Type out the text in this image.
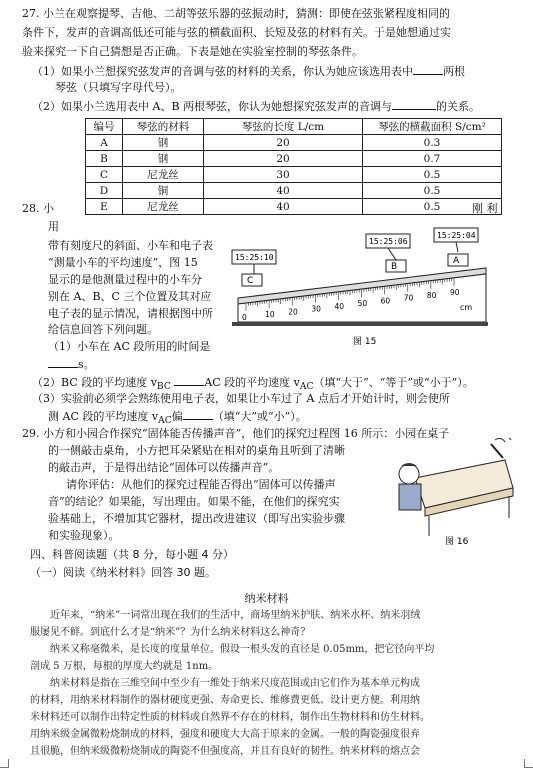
27. 小兰在观察提琴、吉他、二胡等弦乐器的弦振动时，猜测：即使在弦张紧程度相同的
条件下，发声的音调高低还可能与弦的横截面积、长短及弦的材料有关。于是她想通过实
验来探究一下自己猜想是否正确。下表是她在实验室控制的琴弦条件。
（1）如果小兰想探究弦发声的音调与弦的材料的关系，你认为她应该选用表中	两根
琴弦（只填写字母代号）。
（2）如果小兰选用表中 A、B 两根琴弦，你认为她想探究弦发声的音调与	的关系。
编号	琴弦的材料	琴弦的长度 L/cm	琴弦的横截面积 S/cm²
A	钢	20	0.3
B	钢	20	0.7
C	尼龙丝	30	0.5
D	铜	40	0.5
E	尼龙丝	40	0.5
28. 小	刚 利
用
带有刻度尺的斜面、小车和电子表
“测量小车的平均速度”，图 15
显示的是他测量过程中的小车分
别在 A、B、C 三个位置及其对应
电子表的显示情况，请根据图中所
给信息回答下列问题。
（1）小车在 AC 段所用的时间是
s。
（2）BC 段的平均速度 $v_{BC}$	AC 段的平均速度 $v_{AC}$（填“大于”、“等于”或“小于”）。
（3）实验前必须学会熟练使用电子表，如果让小车过了 A 点后才开始计时，则会使所
测 AC 段的平均速度 $v_{AC}$偏	（填“大”或“小”）。
15:25:10
15:25:06
15:25:04
0 10 20 30 40 50 60 70 80 90
cm
C
B
A
图 15
29. 小方和小园合作探究“固体能否传播声音”，他们的探究过程图 16 所示：小园在桌子
的一侧敲击桌角，小方把耳朵紧贴在相对的桌角且听到了清晰
的敲击声，于是得出结论“固体可以传播声音”。
请你评估：从他们的探究过程能否得出“固体可以传播声
音”的结论？如果能，写出理由。如果不能，在他们的探究实
验基础上，不增加其它器材，提出改进建议（即写出实验步骤
和实验现象）。	图 16
四、科普阅读题（共 8 分，每小题 4 分）
（一）阅读《纳米材料》回答 30 题。
纳米材料
近年来，“纳米”一词常出现在我们的生活中，商场里纳米护肤、纳米水杯、纳米羽绒
服屡见不鲜。到底什么才是“纳米”？为什么纳米材料这么神奇？
纳米又称毫微米，是长度的度量单位。假设一根头发的直径是 0.05mm，把它径向平均
剖成 5 万根，每根的厚度大约就是 1nm。
纳米材料是指在三维空间中至少有一维处于纳米尺度范围或由它们作为基本单元构成
的材料，用纳米材料制作的器材硬度更强、寿命更长、维修费更低、设计更方便。利用纳
米材料还可以制作出特定性质的材料或自然界不存在的材料，制作出生物材料和仿生材料。
用纳米级金属微粉烧制成的材料，强度和硬度大大高于原来的金属。一般的陶瓷强度很弃
且很脆，但纳米级微粉烧制成的陶瓷不但强度高，并且有良好的韧性。纳米材料的熔点会
